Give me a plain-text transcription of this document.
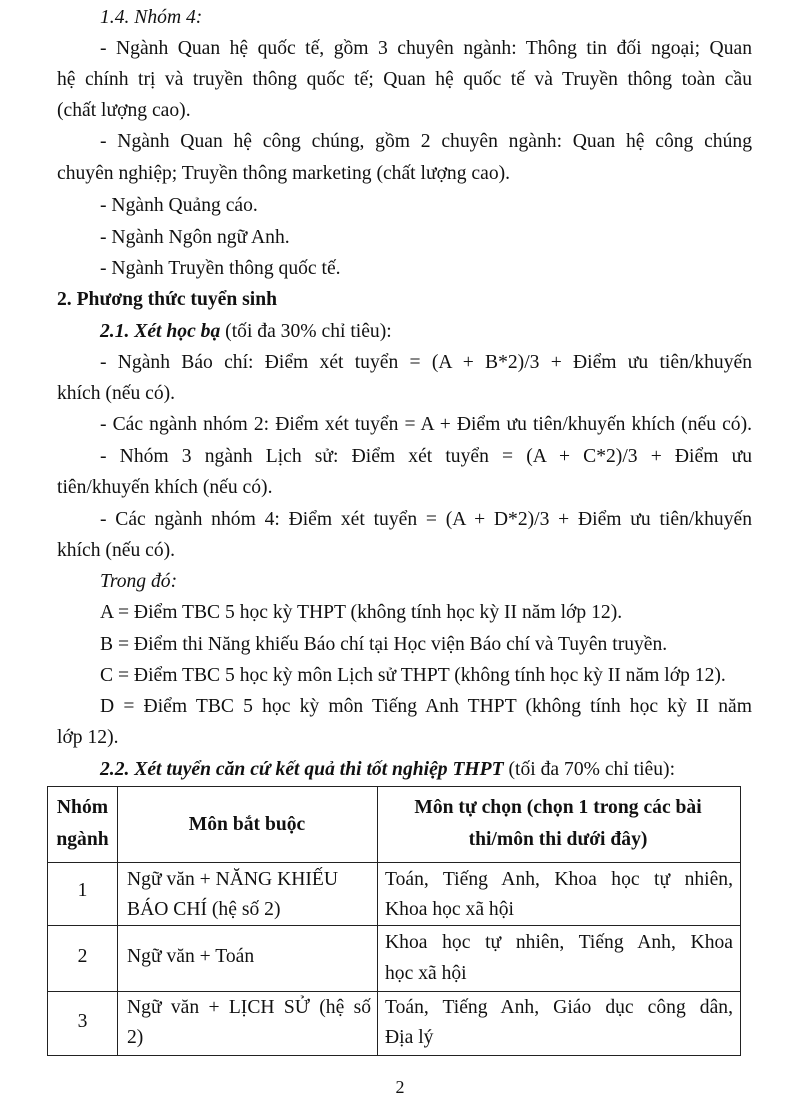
1.4. Nhóm 4:
- Ngành Quan hệ quốc tế, gồm 3 chuyên ngành: Thông tin đối ngoại; Quan
hệ chính trị và truyền thông quốc tế; Quan hệ quốc tế và Truyền thông toàn cầu
(chất lượng cao).
- Ngành Quan hệ công chúng, gồm 2 chuyên ngành: Quan hệ công chúng
chuyên nghiệp; Truyền thông marketing (chất lượng cao).
- Ngành Quảng cáo.
- Ngành Ngôn ngữ Anh.
- Ngành Truyền thông quốc tế.
2. Phương thức tuyển sinh
2.1. Xét học bạ (tối đa 30% chỉ tiêu):
- Ngành Báo chí: Điểm xét tuyển = (A + B*2)/3 + Điểm ưu tiên/khuyến
khích (nếu có).
- Các ngành nhóm 2: Điểm xét tuyển = A + Điểm ưu tiên/khuyến khích (nếu có).
- Nhóm 3 ngành Lịch sử: Điểm xét tuyển = (A + C*2)/3 + Điểm ưu
tiên/khuyến khích (nếu có).
- Các ngành nhóm 4: Điểm xét tuyển = (A + D*2)/3 + Điểm ưu tiên/khuyến
khích (nếu có).
Trong đó:
A = Điểm TBC 5 học kỳ THPT (không tính học kỳ II năm lớp 12).
B = Điểm thi Năng khiếu Báo chí tại Học viện Báo chí và Tuyên truyền.
C = Điểm TBC 5 học kỳ môn Lịch sử THPT (không tính học kỳ II năm lớp 12).
D = Điểm TBC 5 học kỳ môn Tiếng Anh THPT (không tính học kỳ II năm
lớp 12).
2.2. Xét tuyển căn cứ kết quả thi tốt nghiệp THPT (tối đa 70% chỉ tiêu):
Nhóm
ngành
Môn bắt buộc
Môn tự chọn (chọn 1 trong các bài
thi/môn thi dưới đây)
1
Ngữ văn + NĂNG KHIẾU
BÁO CHÍ (hệ số 2)
Toán, Tiếng Anh, Khoa học tự nhiên,
Khoa học xã hội
2	Ngữ văn + Toán
Khoa học tự nhiên, Tiếng Anh, Khoa
học xã hội
3
Ngữ văn + LỊCH SỬ (hệ số
2)
Toán, Tiếng Anh, Giáo dục công dân,
Địa lý
2
